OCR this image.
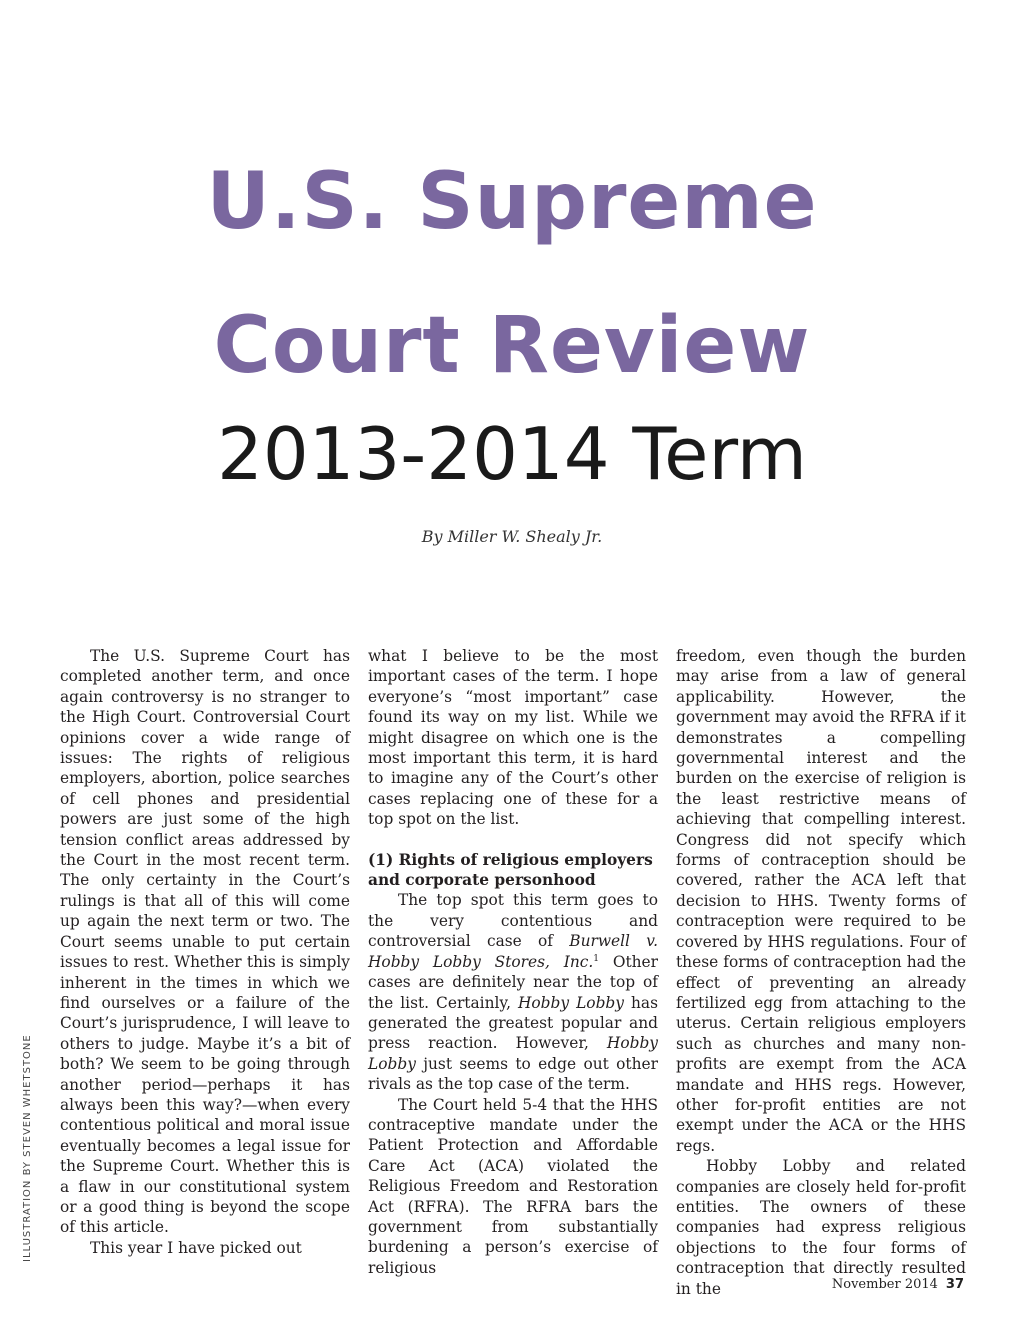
U.S. Supreme
Court Review
2013-2014 Term
By Miller W. Shealy Jr.
ILLUSTRATION BY STEVEN WHETSTONE

The U.S. Supreme Court has completed another term, and once again controversy is no stranger to the High Court. Controversial Court opinions cover a wide range of issues: The rights of religious employers, abortion, police searches of cell phones and presidential powers are just some of the high tension conflict areas addressed by the Court in the most recent term. The only certainty in the Court’s rulings is that all of this will come up again the next term or two. The Court seems unable to put certain issues to rest. Whether this is simply inherent in the times in which we find ourselves or a failure of the Court’s jurisprudence, I will leave to others to judge. Maybe it’s a bit of both? We seem to be going through another period—perhaps it has always been this way?—when every contentious political and moral issue eventually becomes a legal issue for the Supreme Court. Whether this is a flaw in our constitutional system or a good thing is beyond the scope of this article.

This year I have picked out

what I believe to be the most important cases of the term. I hope everyone’s “most important” case found its way on my list. While we might disagree on which one is the most important this term, it is hard to imagine any of the Court’s other cases replacing one of these for a top spot on the list.

(1) Rights of religious employers and corporate personhood

The top spot this term goes to the very contentious and controversial case of Burwell v. Hobby Lobby Stores, Inc.$^1$ Other cases are definitely near the top of the list. Certainly, Hobby Lobby has generated the greatest popular and press reaction. However, Hobby Lobby just seems to edge out other rivals as the top case of the term.

The Court held 5-4 that the HHS contraceptive mandate under the Patient Protection and Affordable Care Act (ACA) violated the Religious Freedom and Restoration Act (RFRA). The RFRA bars the government from substantially burdening a person’s exercise of religious

freedom, even though the burden may arise from a law of general applicability. However, the government may avoid the RFRA if it demonstrates a compelling governmental interest and the burden on the exercise of religion is the least restrictive means of achieving that compelling interest. Congress did not specify which forms of contraception should be covered, rather the ACA left that decision to HHS. Twenty forms of contraception were required to be covered by HHS regulations. Four of these forms of contraception had the effect of preventing an already fertilized egg from attaching to the uterus. Certain religious employers such as churches and many non-profits are exempt from the ACA mandate and HHS regs. However, other for-profit entities are not exempt under the ACA or the HHS regs.

Hobby Lobby and related companies are closely held for-profit entities. The owners of these companies had express religious objections to the four forms of contraception that directly resulted in the	November 2014 37
